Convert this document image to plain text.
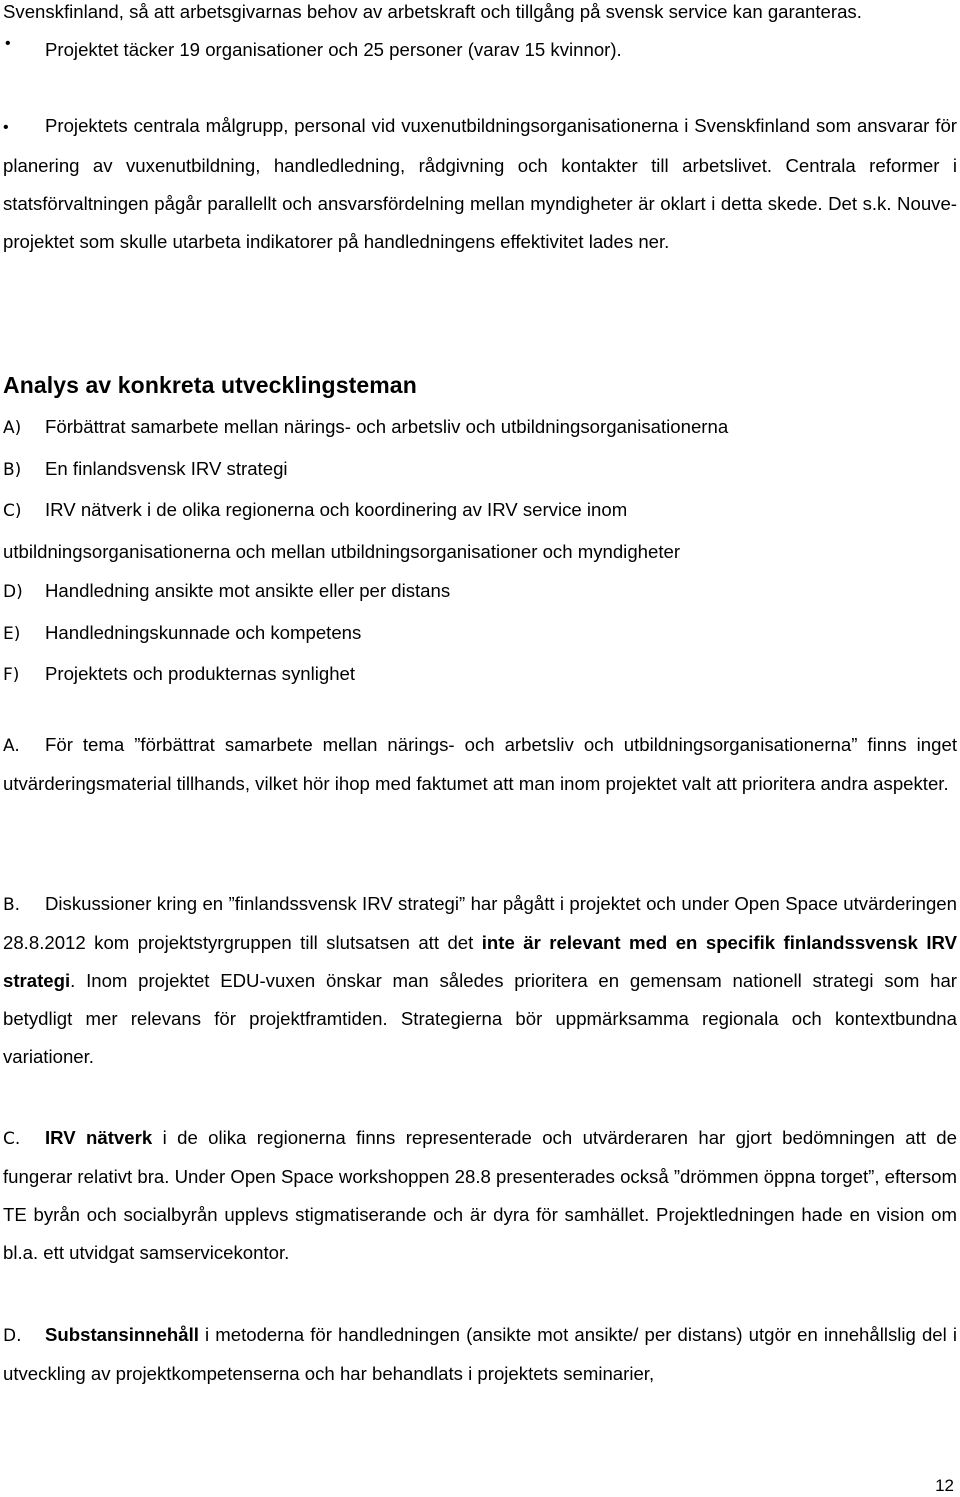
Svenskfinland, så att arbetsgivarnas behov av arbetskraft och tillgång på svensk service kan garanteras.

•

Projektet täcker 19 organisationer och 25 personer (varav 15 kvinnor).

• Projektets centrala målgrupp, personal vid vuxenutbildningsorganisationerna i Svenskfinland som ansvarar för planering av vuxenutbildning, handledledning, rådgivning och kontakter till arbetslivet. Centrala reformer i statsförvaltningen pågår parallellt och ansvarsfördelning mellan myndigheter är oklart i detta skede. Det s.k. Nouve-projektet som skulle utarbeta indikatorer på handledningens effektivitet lades ner.

Analys av konkreta utvecklingsteman

A) Förbättrat samarbete mellan närings- och arbetsliv och utbildningsorganisationerna

B) En finlandsvensk IRV strategi

C) IRV nätverk i de olika regionerna och koordinering av IRV service inom

utbildningsorganisationerna och mellan utbildningsorganisationer och myndigheter

D) Handledning ansikte mot ansikte eller per distans

E) Handledningskunnade och kompetens

F) Projektets och produkternas synlighet

A. För tema ”förbättrat samarbete mellan närings- och arbetsliv och utbildningsorganisationerna” finns inget utvärderingsmaterial tillhands, vilket hör ihop med faktumet att man inom projektet valt att prioritera andra aspekter.

B. Diskussioner kring en ”finlandssvensk IRV strategi” har pågått i projektet och under Open Space utvärderingen 28.8.2012 kom projektstyrgruppen till slutsatsen att det inte är relevant med en specifik finlandssvensk IRV strategi. Inom projektet EDU-vuxen önskar man således prioritera en gemensam nationell strategi som har betydligt mer relevans för projektframtiden. Strategierna bör uppmärksamma regionala och kontextbundna variationer.

C. IRV nätverk i de olika regionerna finns representerade och utvärderaren har gjort bedömningen att de fungerar relativt bra. Under Open Space workshoppen 28.8 presenterades också ”drömmen öppna torget”, eftersom TE byrån och socialbyrån upplevs stigmatiserande och är dyra för samhället. Projektledningen hade en vision om bl.a. ett utvidgat samservicekontor.

D. Substansinnehåll i metoderna för handledningen (ansikte mot ansikte/ per distans) utgör en innehållslig del i utveckling av projektkompetenserna och har behandlats i projektets seminarier,

12
